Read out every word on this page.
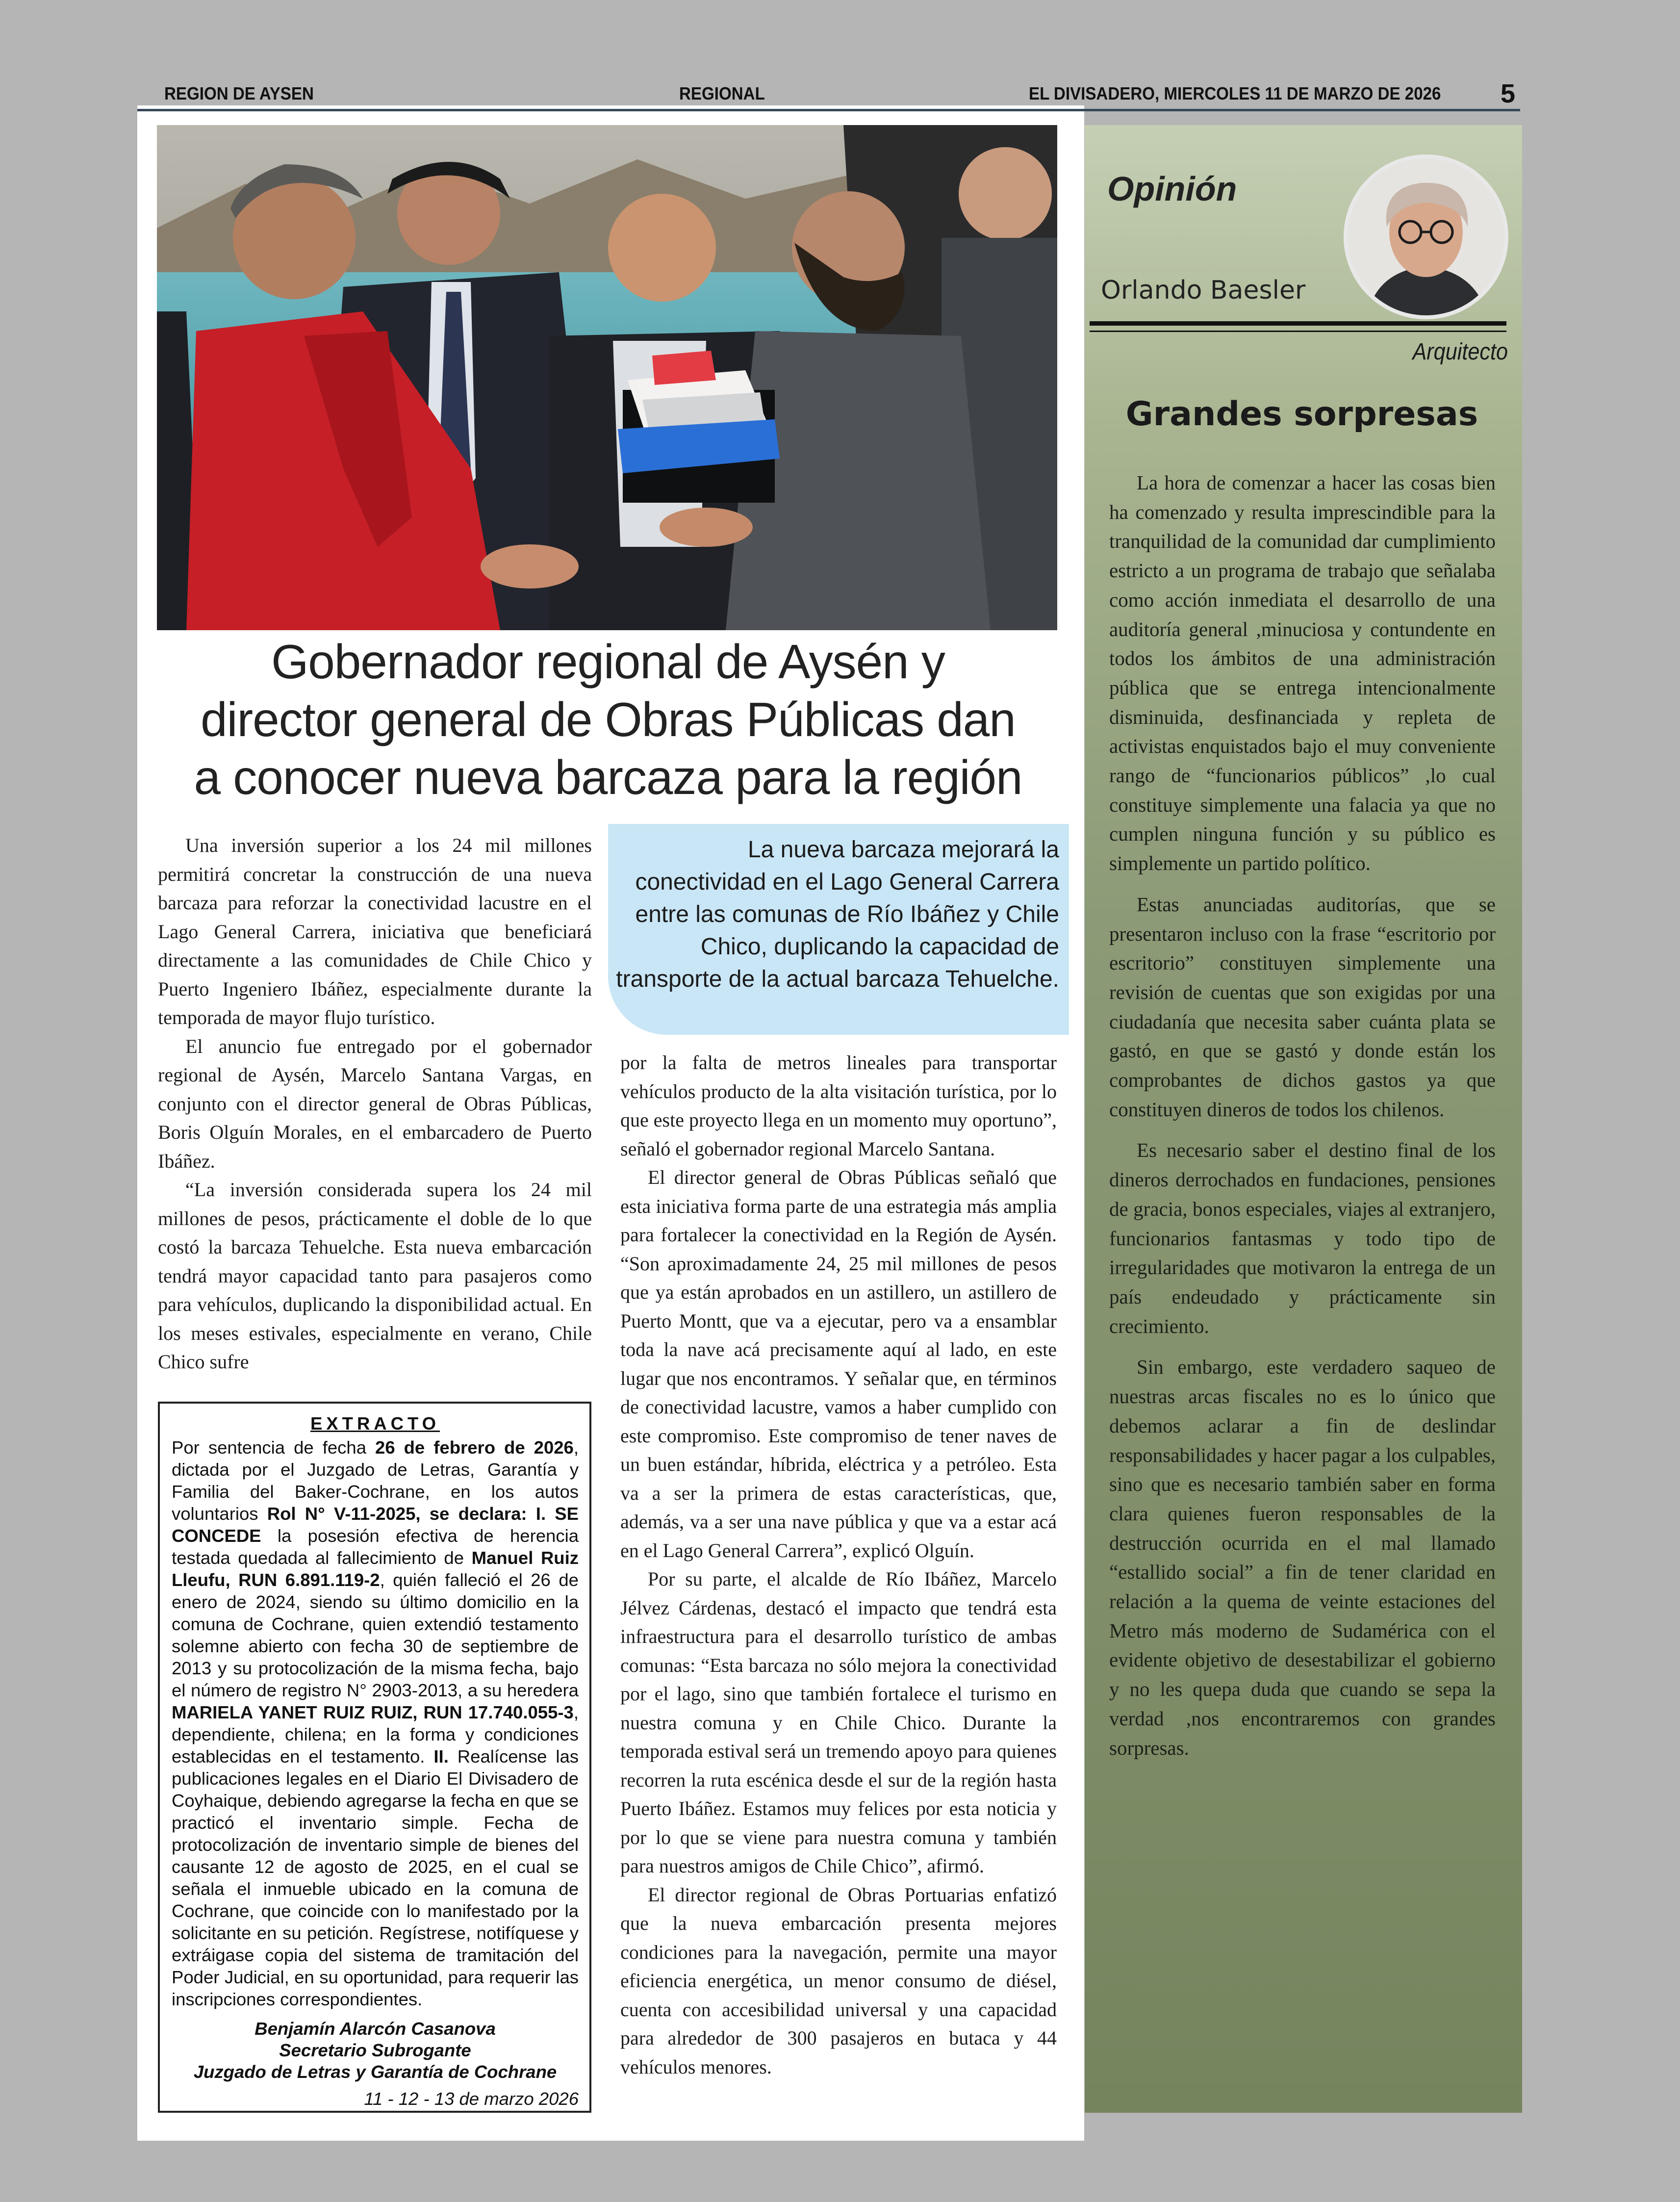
REGION DE AYSEN	REGIONAL	EL DIVISADERO, MIERCOLES 11 DE MARZO DE 2026 5
Gobernador regional de Aysén y
director general de Obras Públicas dan
a conocer nueva barcaza para la región

Una inversión superior a los 24 mil millones permitirá concretar la construcción de una nueva barcaza para reforzar la conectividad lacustre en el Lago General Carrera, iniciativa que beneficiará directamente a las comunidades de Chile Chico y Puerto Ingeniero Ibáñez, especialmente durante la temporada de mayor flujo turístico.

El anuncio fue entregado por el gobernador regional de Aysén, Marcelo Santana Vargas, en conjunto con el director general de Obras Públicas, Boris Olguín Morales, en el embarcadero de Puerto Ibáñez.

“La inversión considerada supera los 24 mil millones de pesos, prácticamente el doble de lo que costó la barcaza Tehuelche. Esta nueva embarcación tendrá mayor capacidad tanto para pasajeros como para vehículos, duplicando la disponibilidad actual. En los meses estivales, especialmente en verano, Chile Chico sufre

La nueva barcaza mejorará la conectividad en el Lago General Carrera entre las comunas de Río Ibáñez y Chile Chico, duplicando la capacidad de transporte de la actual barcaza Tehuelche.

por la falta de metros lineales para transportar vehículos producto de la alta visitación turística, por lo que este proyecto llega en un momento muy oportuno”, señaló el gobernador regional Marcelo Santana.

El director general de Obras Públicas señaló que esta iniciativa forma parte de una estrategia más amplia para fortalecer la conectividad en la Región de Aysén. “Son aproximadamente 24, 25 mil millones de pesos que ya están aprobados en un astillero, un astillero de Puerto Montt, que va a ejecutar, pero va a ensamblar toda la nave acá precisamente aquí al lado, en este lugar que nos encontramos. Y señalar que, en términos de conectividad lacustre, vamos a haber cumplido con este compromiso. Este compromiso de tener naves de un buen estándar, híbrida, eléctrica y a petróleo. Esta va a ser la primera de estas características, que, además, va a ser una nave pública y que va a estar acá en el Lago General Carrera”, explicó Olguín.

Por su parte, el alcalde de Río Ibáñez, Marcelo Jélvez Cárdenas, destacó el impacto que tendrá esta infraestructura para el desarrollo turístico de ambas comunas: “Esta barcaza no sólo mejora la conectividad por el lago, sino que también fortalece el turismo en nuestra comuna y en Chile Chico. Durante la temporada estival será un tremendo apoyo para quienes recorren la ruta escénica desde el sur de la región hasta Puerto Ibáñez. Estamos muy felices por esta noticia y por lo que se viene para nuestra comuna y también para nuestros amigos de Chile Chico”, afirmó.

El director regional de Obras Portuarias enfatizó que la nueva embarcación presenta mejores condiciones para la navegación, permite una mayor eficiencia energética, un menor consumo de diésel, cuenta con accesibilidad universal y una capacidad para alrededor de 300 pasajeros en butaca y 44 vehículos menores.

EXTRACTO
Por sentencia de fecha 26 de febrero de 2026, dictada por el Juzgado de Letras, Garantía y Familia del Baker-Cochrane, en los autos voluntarios Rol N° V-11-2025, se declara: I. SE CONCEDE la posesión efectiva de herencia testada quedada al fallecimiento de Manuel Ruiz Lleufu, RUN 6.891.119-2, quién falleció el 26 de enero de 2024, siendo su último domicilio en la comuna de Cochrane, quien extendió testamento solemne abierto con fecha 30 de septiembre de 2013 y su protocolización de la misma fecha, bajo el número de registro N° 2903-2013, a su heredera MARIELA YANET RUIZ RUIZ, RUN 17.740.055-3, dependiente, chilena; en la forma y condiciones establecidas en el testamento. II. Realícense las publicaciones legales en el Diario El Divisadero de Coyhaique, debiendo agregarse la fecha en que se practicó el inventario simple. Fecha de protocolización de inventario simple de bienes del causante 12 de agosto de 2025, en el cual se señala el inmueble ubicado en la comuna de Cochrane, que coincide con lo manifestado por la solicitante en su petición. Regístrese, notifíquese y extráigase copia del sistema de tramitación del Poder Judicial, en su oportunidad, para requerir las inscripciones correspondientes.
Benjamín Alarcón Casanova
Secretario Subrogante
Juzgado de Letras y Garantía de Cochrane
11 - 12 - 13 de marzo 2026
Opinión
Orlando Baesler
Arquitecto
Grandes sorpresas

La hora de comenzar a hacer las cosas bien ha comenzado y resulta imprescindible para la tranquilidad de la comunidad dar cumplimiento estricto a un programa de trabajo que señalaba como acción inmediata el desarrollo de una auditoría general ,minuciosa y contundente en todos los ámbitos de una administración pública que se entrega intencionalmente disminuida, desfinanciada y repleta de activistas enquistados bajo el muy conveniente rango de “funcionarios públicos” ,lo cual constituye simplemente una falacia ya que no cumplen ninguna función y su público es simplemente un partido político.

Estas anunciadas auditorías, que se presentaron incluso con la frase “escritorio por escritorio” constituyen simplemente una revisión de cuentas que son exigidas por una ciudadanía que necesita saber cuánta plata se gastó, en que se gastó y donde están los comprobantes de dichos gastos ya que constituyen dineros de todos los chilenos.

Es necesario saber el destino final de los dineros derrochados en fundaciones, pensiones de gracia, bonos especiales, viajes al extranjero, funcionarios fantasmas y todo tipo de irregularidades que motivaron la entrega de un país endeudado y prácticamente sin crecimiento.

Sin embargo, este verdadero saqueo de nuestras arcas fiscales no es lo único que debemos aclarar a fin de deslindar responsabilidades y hacer pagar a los culpables, sino que es necesario también saber en forma clara quienes fueron responsables de la destrucción ocurrida en el mal llamado “estallido social” a fin de tener claridad en relación a la quema de veinte estaciones del Metro más moderno de Sudamérica con el evidente objetivo de desestabilizar el gobierno y no les quepa duda que cuando se sepa la verdad ,nos encontraremos con grandes sorpresas.
